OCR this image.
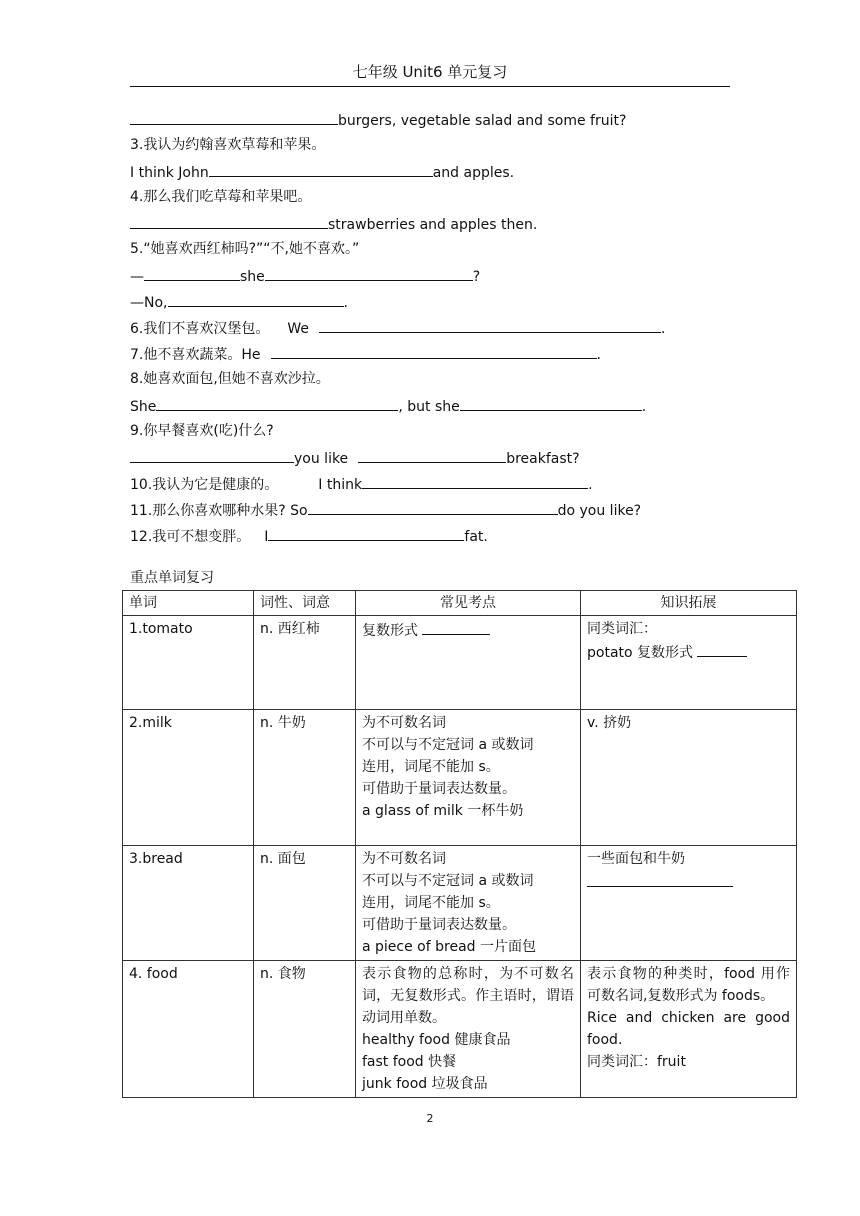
七年级 Unit6 单元复习
burgers, vegetable salad and some fruit?
3.我认为约翰喜欢草莓和苹果。
I think John	and apples.
4.那么我们吃草莓和苹果吧。
strawberries and apples then.
5.“她喜欢西红柿吗?”“不,她不喜欢。”
—	she	?
—No,	.
6.我们不喜欢汉堡包。 We	.
7.他不喜欢蔬菜。He	.
8.她喜欢面包,但她不喜欢沙拉。
She	, but she	.
9.你早餐喜欢(吃)什么?
you like	breakfast?
10.我认为它是健康的。	I think	.
11.那么你喜欢哪种水果? So	do you like?
12.我可不想变胖。 I	fat.
重点单词复习
单词	词性、词意	常见考点	知识拓展
1.tomato	n. 西红柿	复数形式	同类词汇：
potato 复数形式
2.milk	n. 牛奶	为不可数名词
不可以与不定冠词 a 或数词
连用，词尾不能加 s。
可借助于量词表达数量。
a glass of milk 一杯牛奶	v. 挤奶

3.bread	n. 面包	为不可数名词
不可以与不定冠词 a 或数词
连用，词尾不能加 s。
可借助于量词表达数量。
a piece of bread 一片面包	一些面包和牛奶

4. food	n. 食物	表示食物的总称时，为不可数名词，无复数形式。作主语时，谓语动词用单数。
healthy food 健康食品
fast food 快餐
junk food 垃圾食品	表示食物的种类时，food 用作可数名词,复数形式为 foods。
Rice and chicken are good food.
同类词汇：fruit
2
